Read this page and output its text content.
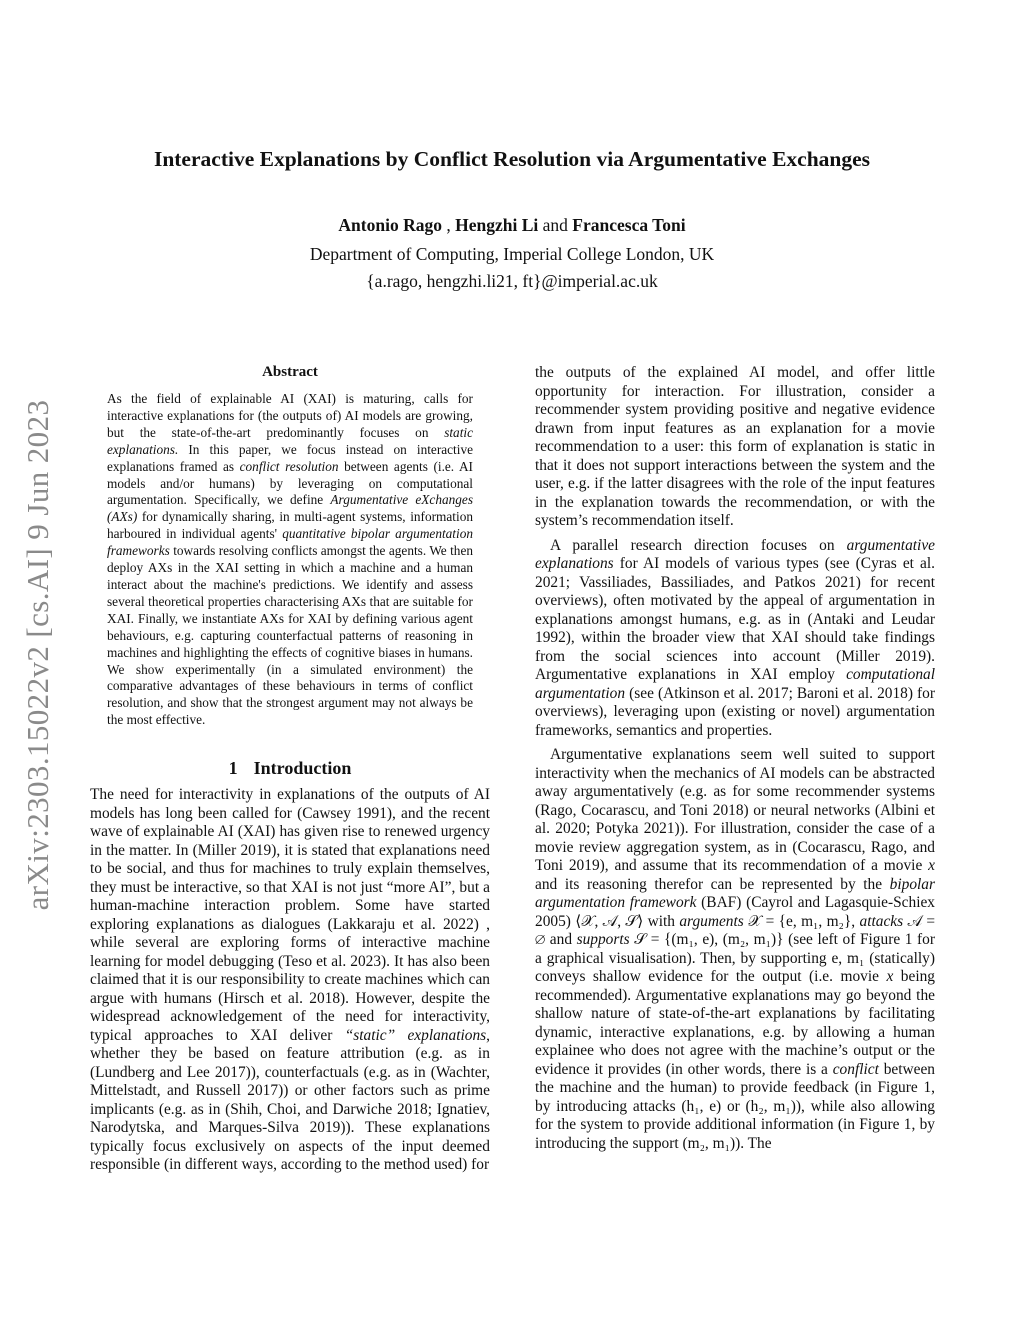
arXiv:2303.15022v2 [cs.AI] 9 Jun 2023
Interactive Explanations by Conflict Resolution via Argumentative Exchanges
Antonio Rago , Hengzhi Li and Francesca Toni
Department of Computing, Imperial College London, UK
{a.rago, hengzhi.li21, ft}@imperial.ac.uk
Abstract

As the field of explainable AI (XAI) is maturing, calls for interactive explanations for (the outputs of) AI models are growing, but the state-of-the-art predominantly focuses on static explanations. In this paper, we focus instead on interactive explanations framed as conflict resolution between agents (i.e. AI models and/or humans) by leveraging on computational argumentation. Specifically, we define Argumentative eXchanges (AXs) for dynamically sharing, in multi-agent systems, information harboured in individual agents' quantitative bipolar argumentation frameworks towards resolving conflicts amongst the agents. We then deploy AXs in the XAI setting in which a machine and a human interact about the machine's predictions. We identify and assess several theoretical properties characterising AXs that are suitable for XAI. Finally, we instantiate AXs for XAI by defining various agent behaviours, e.g. capturing counterfactual patterns of reasoning in machines and highlighting the effects of cognitive biases in humans. We show experimentally (in a simulated environment) the comparative advantages of these behaviours in terms of conflict resolution, and show that the strongest argument may not always be the most effective.

1 Introduction

The need for interactivity in explanations of the outputs of AI models has long been called for (Cawsey 1991), and the recent wave of explainable AI (XAI) has given rise to renewed urgency in the matter. In (Miller 2019), it is stated that explanations need to be social, and thus for machines to truly explain themselves, they must be interactive, so that XAI is not just “more AI”, but a human-machine interaction problem. Some have started exploring explanations as dialogues (Lakkaraju et al. 2022) , while several are exploring forms of interactive machine learning for model debugging (Teso et al. 2023). It has also been claimed that it is our responsibility to create machines which can argue with humans (Hirsch et al. 2018). However, despite the widespread acknowledgement of the need for interactivity, typical approaches to XAI deliver “static” explanations, whether they be based on feature attribution (e.g. as in (Lundberg and Lee 2017)), counterfactuals (e.g. as in (Wachter, Mittelstadt, and Russell 2017)) or other factors such as prime implicants (e.g. as in (Shih, Choi, and Darwiche 2018; Ignatiev, Narodytska, and Marques-Silva 2019)). These explanations typically focus exclusively on aspects of the input deemed responsible (in different ways, according to the method used) for

the outputs of the explained AI model, and offer little opportunity for interaction. For illustration, consider a recommender system providing positive and negative evidence drawn from input features as an explanation for a movie recommendation to a user: this form of explanation is static in that it does not support interactions between the system and the user, e.g. if the latter disagrees with the role of the input features in the explanation towards the recommendation, or with the system’s recommendation itself.

A parallel research direction focuses on argumentative explanations for AI models of various types (see (Cyras et al. 2021; Vassiliades, Bassiliades, and Patkos 2021) for recent overviews), often motivated by the appeal of argumentation in explanations amongst humans, e.g. as in (Antaki and Leudar 1992), within the broader view that XAI should take findings from the social sciences into account (Miller 2019). Argumentative explanations in XAI employ computational argumentation (see (Atkinson et al. 2017; Baroni et al. 2018) for overviews), leveraging upon (existing or novel) argumentation frameworks, semantics and properties.

Argumentative explanations seem well suited to support interactivity when the mechanics of AI models can be abstracted away argumentatively (e.g. as for some recommender systems (Rago, Cocarascu, and Toni 2018) or neural networks (Albini et al. 2020; Potyka 2021)). For illustration, consider the case of a movie review aggregation system, as in (Cocarascu, Rago, and Toni 2019), and assume that its recommendation of a movie x and its reasoning therefor can be represented by the bipolar argumentation framework (BAF) (Cayrol and Lagasquie-Schiex 2005) ⟨𝒳, 𝒜, 𝒮⟩ with arguments 𝒳 = {e, m₁, m₂}, attacks 𝒜 = ∅ and supports 𝒮 = {(m₁, e), (m₂, m₁)} (see left of Figure 1 for a graphical visualisation). Then, by supporting e, m₁ (statically) conveys shallow evidence for the output (i.e. movie x being recommended). Argumentative explanations may go beyond the shallow nature of state-of-the-art explanations by facilitating dynamic, interactive explanations, e.g. by allowing a human explainee who does not agree with the machine’s output or the evidence it provides (in other words, there is a conflict between the machine and the human) to provide feedback (in Figure 1, by introducing attacks (h₁, e) or (h₂, m₁)), while also allowing for the system to provide additional information (in Figure 1, by introducing the support (m₂, m₁)). The
